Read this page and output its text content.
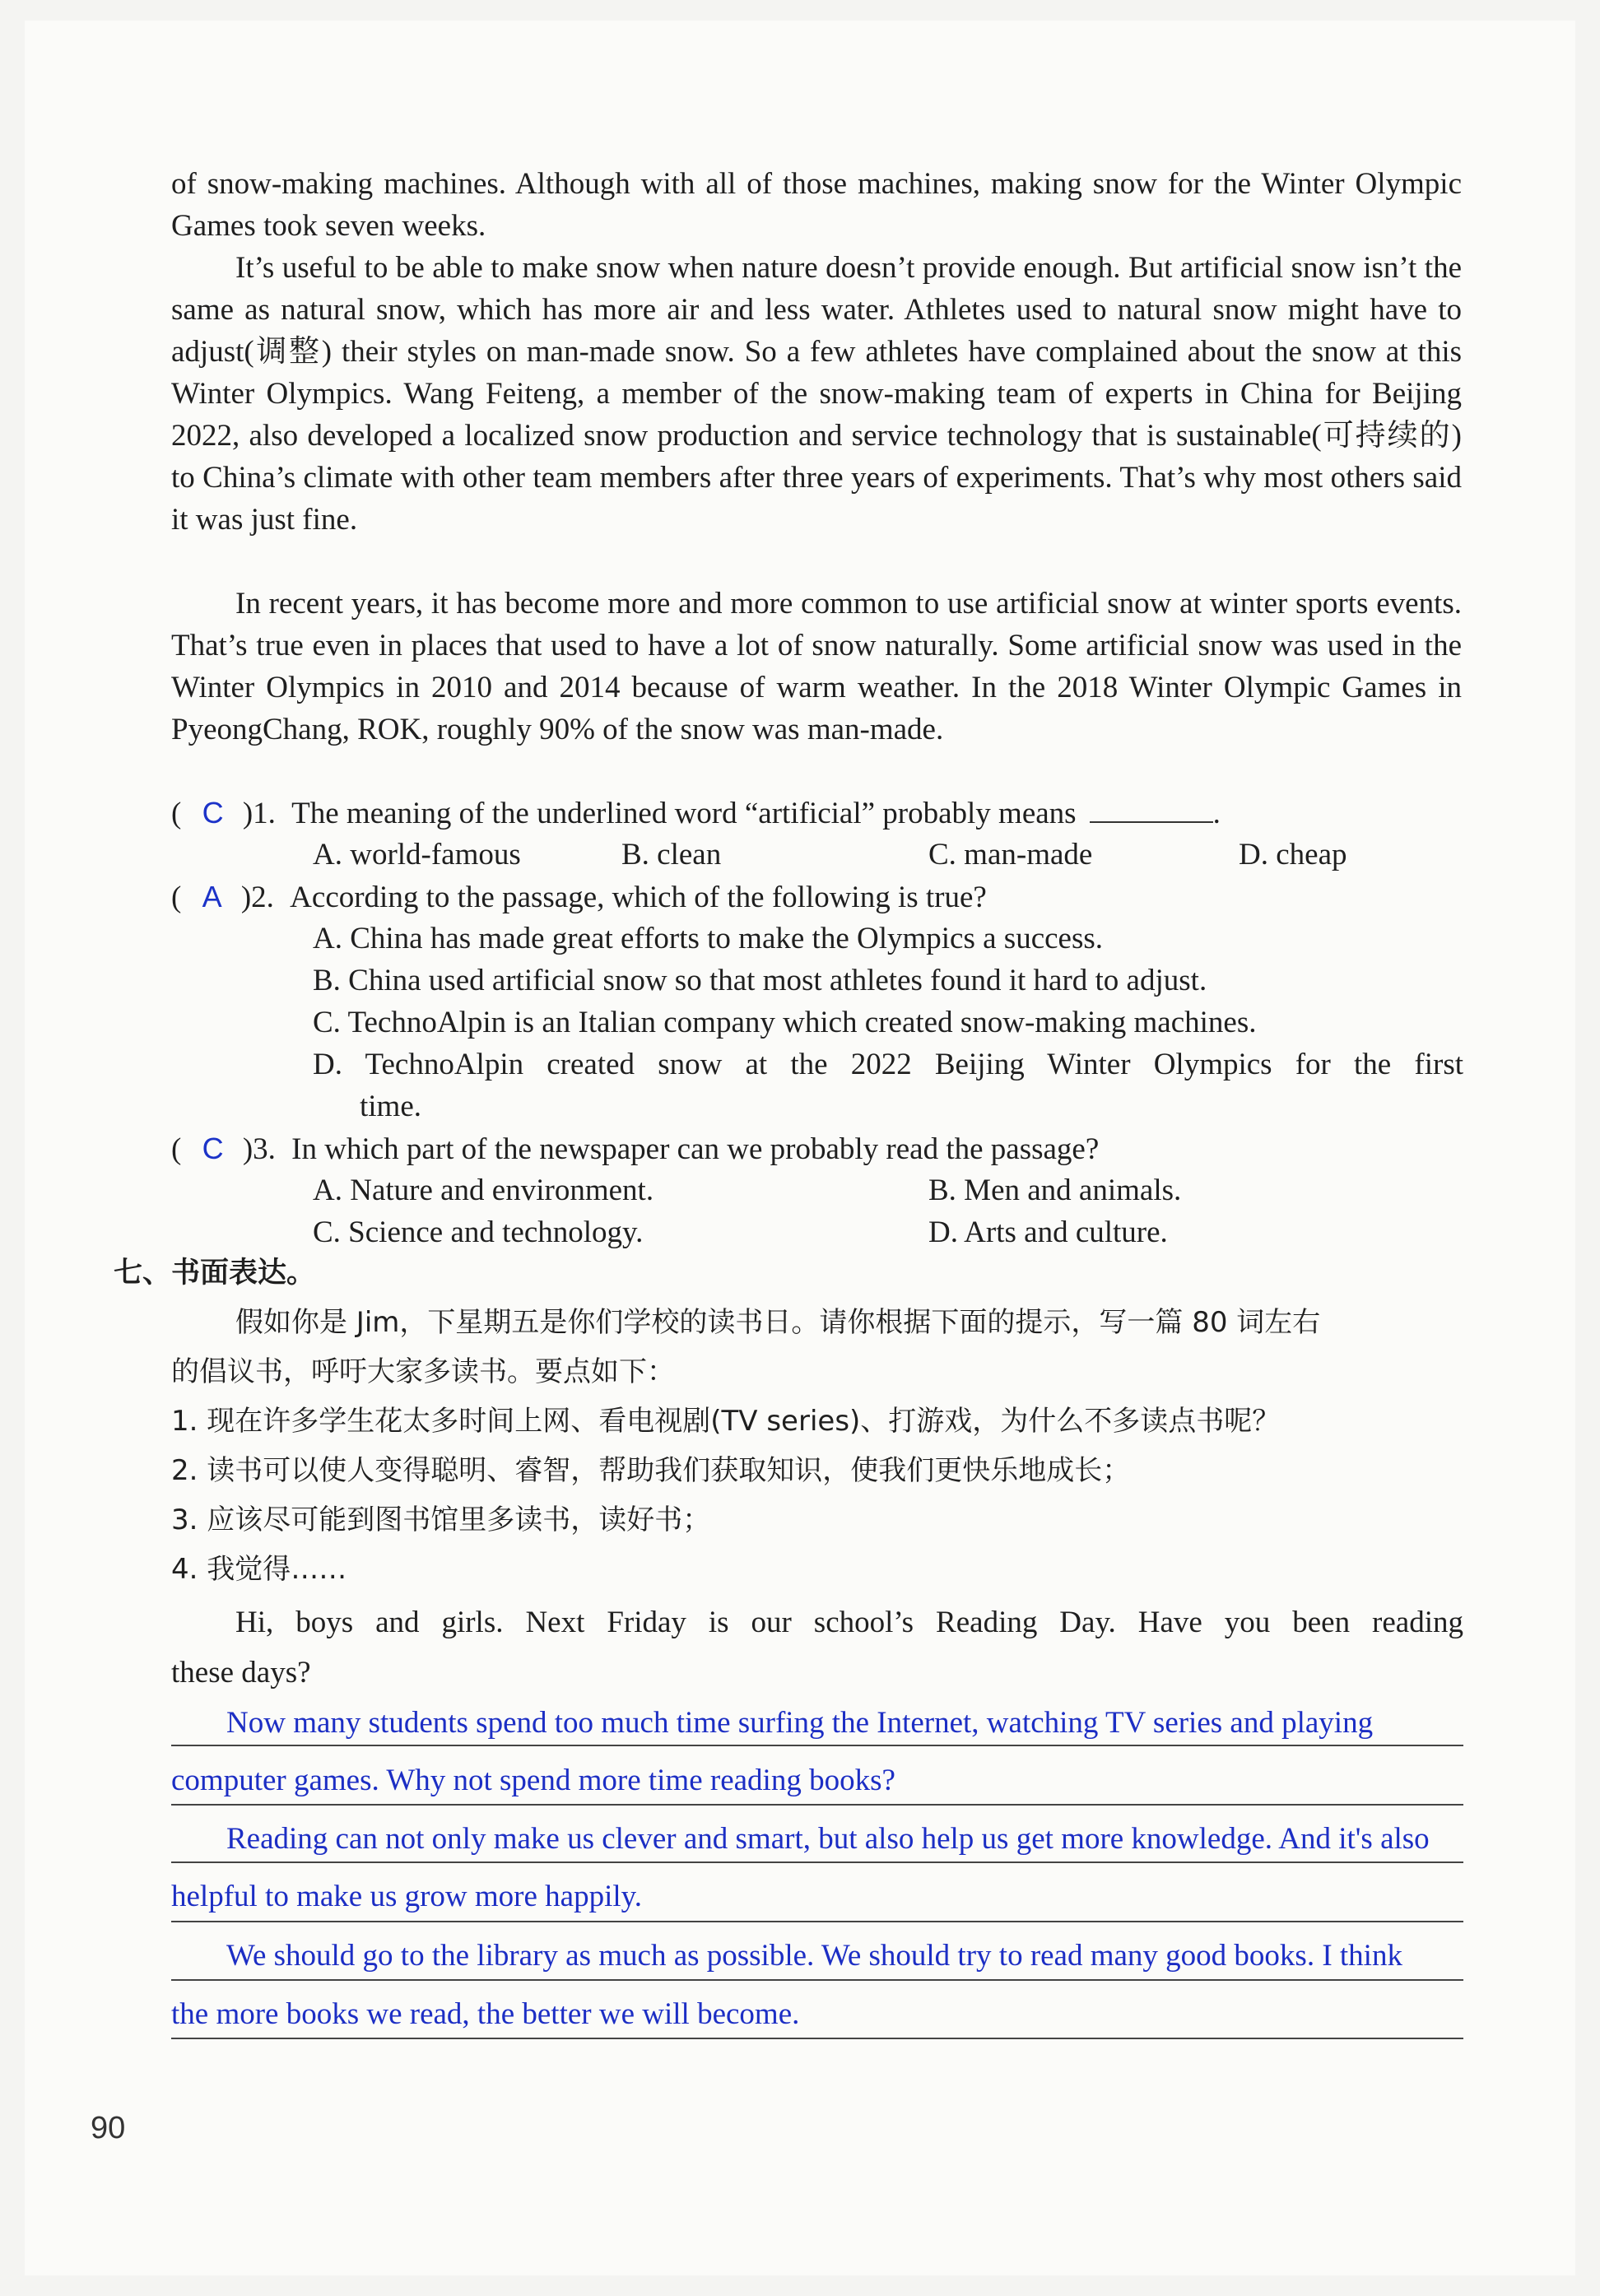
of snow-making machines. Although with all of those machines, making snow for the Winter Olympic Games took seven weeks.

It’s useful to be able to make snow when nature doesn’t provide enough. But artificial snow isn’t the same as natural snow, which has more air and less water. Athletes used to natural snow might have to adjust(调整) their styles on man-made snow. So a few athletes have complained about the snow at this Winter Olympics. Wang Feiteng, a member of the snow-making team of experts in China for Beijing 2022, also developed a localized snow production and service technology that is sustainable(可持续的) to China’s climate with other team members after three years of experiments. That’s why most others said it was just fine.

In recent years, it has become more and more common to use artificial snow at winter sports events. That’s true even in places that used to have a lot of snow naturally. Some artificial snow was used in the Winter Olympics in 2010 and 2014 because of warm weather. In the 2018 Winter Olympic Games in PyeongChang, ROK, roughly 90% of the snow was man-made.

( C )1. The meaning of the underlined word “artificial” probably means	.
A. world-famous	B. clean	C. man-made	D. cheap
( A )2. According to the passage, which of the following is true?
A. China has made great efforts to make the Olympics a success.
B. China used artificial snow so that most athletes found it hard to adjust.
C. TechnoAlpin is an Italian company which created snow-making machines.
D. TechnoAlpin created snow at the 2022 Beijing Winter Olympics for the first
time.
( C )3. In which part of the newspaper can we probably read the passage?
A. Nature and environment.	B. Men and animals.
C. Science and technology.	D. Arts and culture.
七、书面表达。
假如你是 Jim，下星期五是你们学校的读书日。请你根据下面的提示，写一篇 80 词左右
的倡议书，呼吁大家多读书。要点如下：
1. 现在许多学生花太多时间上网、看电视剧(TV series)、打游戏，为什么不多读点书呢？
2. 读书可以使人变得聪明、睿智，帮助我们获取知识，使我们更快乐地成长；
3. 应该尽可能到图书馆里多读书，读好书；
4. 我觉得……
Hi, boys and girls. Next Friday is our school’s Reading Day. Have you been reading
these days?
Now many students spend too much time surfing the Internet, watching TV series and playing
computer games. Why not spend more time reading books?
Reading can not only make us clever and smart, but also help us get more knowledge. And it's also
helpful to make us grow more happily.
We should go to the library as much as possible. We should try to read many good books. I think
the more books we read, the better we will become.
90
